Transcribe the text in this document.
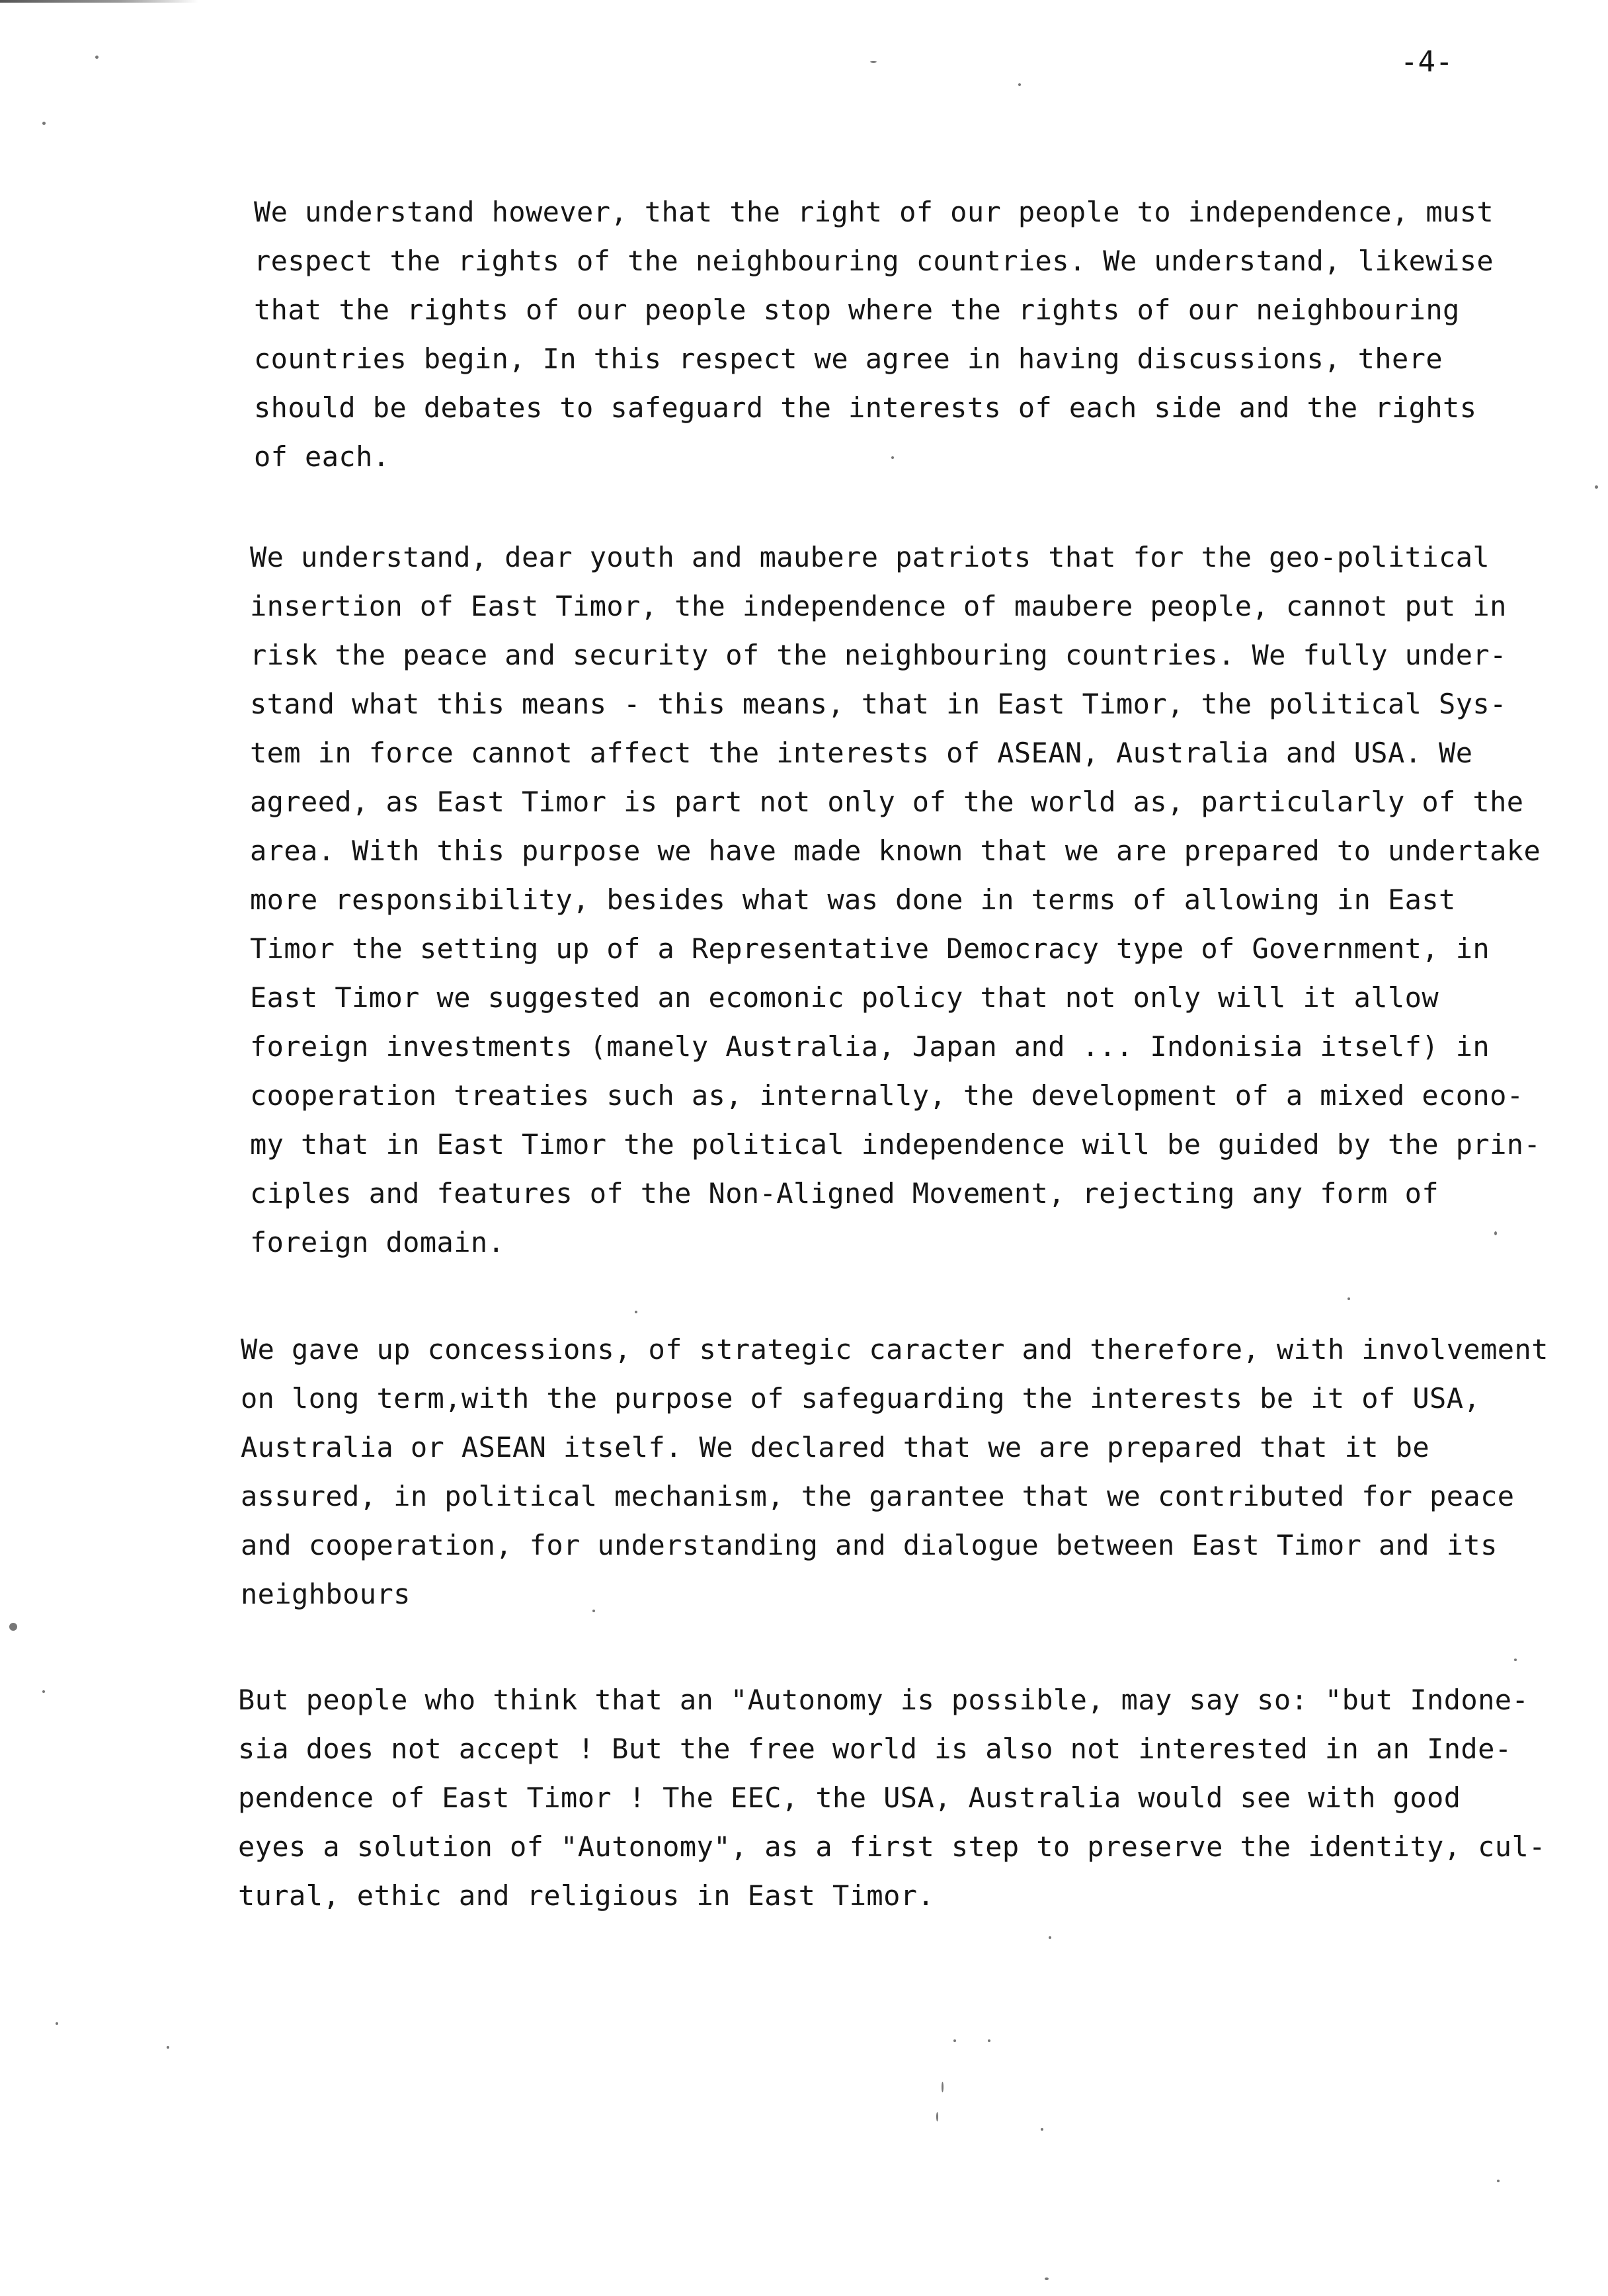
-4-
We understand however, that the right of our people to independence, must
respect the rights of the neighbouring countries. We understand, likewise
that the rights of our people stop where the rights of our neighbouring
countries begin, In this respect we agree in having discussions, there
should be debates to safeguard the interests of each side and the rights
of each.
We understand, dear youth and maubere patriots that for the geo-political
insertion of East Timor, the independence of maubere people, cannot put in
risk the peace and security of the neighbouring countries. We fully under-
stand what this means - this means, that in East Timor, the political Sys-
tem in force cannot affect the interests of ASEAN, Australia and USA. We
agreed, as East Timor is part not only of the world as, particularly of the
area. With this purpose we have made known that we are prepared to undertake
more responsibility, besides what was done in terms of allowing in East
Timor the setting up of a Representative Democracy type of Government, in
East Timor we suggested an ecomonic policy that not only will it allow
foreign investments (manely Australia, Japan and ... Indonisia itself) in
cooperation treaties such as, internally, the development of a mixed econo-
my that in East Timor the political independence will be guided by the prin-
ciples and features of the Non-Aligned Movement, rejecting any form of
foreign domain.
We gave up concessions, of strategic caracter and therefore, with involvement
on long term,with the purpose of safeguarding the interests be it of USA,
Australia or ASEAN itself. We declared that we are prepared that it be
assured, in political mechanism, the garantee that we contributed for peace
and cooperation, for understanding and dialogue between East Timor and its
neighbours
But people who think that an "Autonomy is possible, may say so: "but Indone-
sia does not accept ! But the free world is also not interested in an Inde-
pendence of East Timor ! The EEC, the USA, Australia would see with good
eyes a solution of "Autonomy", as a first step to preserve the identity, cul-
tural, ethic and religious in East Timor.
